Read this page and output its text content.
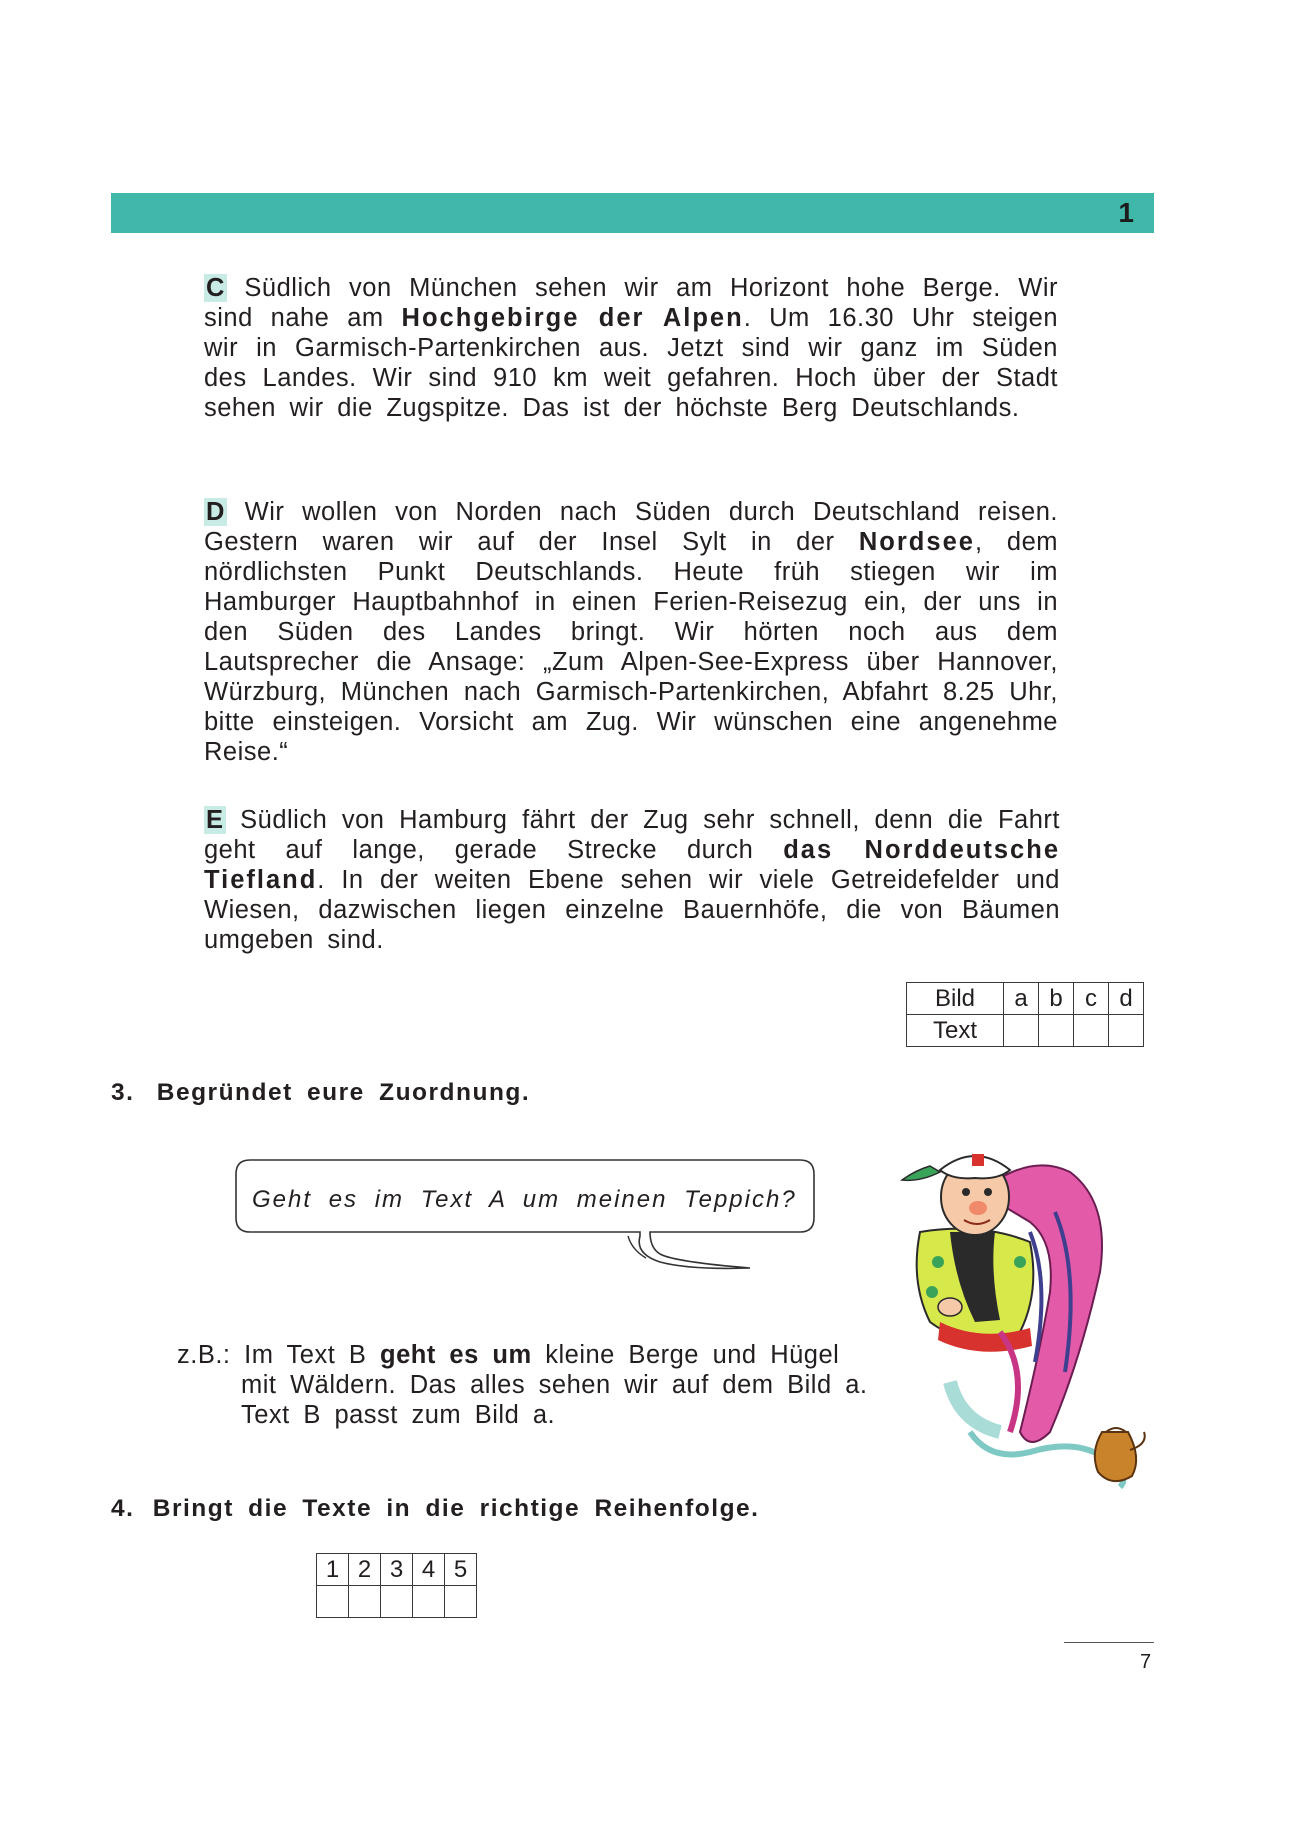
1
C Südlich von München sehen wir am Horizont hohe Berge. Wir sind nahe am Hochgebirge der Alpen. Um 16.30 Uhr steigen wir in Garmisch-Partenkirchen aus. Jetzt sind wir ganz im Süden des Landes. Wir sind 910 km weit gefahren. Hoch über der Stadt sehen wir die Zugspitze. Das ist der höchste Berg Deutschlands.
D Wir wollen von Norden nach Süden durch Deutschland reisen. Gestern waren wir auf der Insel Sylt in der Nordsee, dem nördlichsten Punkt Deutschlands. Heute früh stiegen wir im Hamburger Hauptbahnhof in einen Ferien-Reisezug ein, der uns in den Süden des Landes bringt. Wir hörten noch aus dem Lautsprecher die Ansage: „Zum Alpen-See-Express über Hannover, Würzburg, München nach Garmisch-Partenkirchen, Abfahrt 8.25 Uhr, bitte einsteigen. Vorsicht am Zug. Wir wünschen eine angenehme Reise.“
E Südlich von Hamburg fährt der Zug sehr schnell, denn die Fahrt geht auf lange, gerade Strecke durch das Norddeutsche Tiefland. In der weiten Ebene sehen wir viele Getreidefelder und Wiesen, dazwischen liegen einzelne Bauernhöfe, die von Bäumen umgeben sind.
Bild	a	b	c	d
Text				
3. Begründet eure Zuordnung.
Geht es im Text A um meinen Teppich?
z.B.: Im Text B geht es um kleine Berge und Hügel
mit Wäldern. Das alles sehen wir auf dem Bild a.
Text B passt zum Bild a.
4. Bringt die Texte in die richtige Reihenfolge.
1	2	3	4	5

7
